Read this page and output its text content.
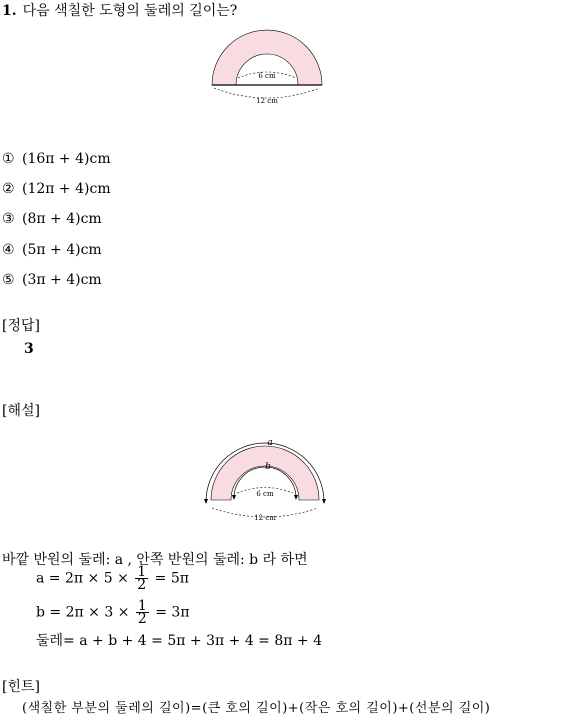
1. 다음 색칠한 도형의 둘레의 길이는?
6 cm
12 cm
① (16π + 4)cm
② (12π + 4)cm
③ (8π + 4)cm
④ (5π + 4)cm
⑤ (3π + 4)cm
[정답]
3
[해설]
a
b
6 cm
12 cm
바깥 반원의 둘레: a , 안쪽 반원의 둘레: b 라 하면
$a = 2\pi \times 5 \times \frac{1}{2} = 5\pi$
$b = 2\pi \times 3 \times \frac{1}{2} = 3\pi$
둘레= a + b + 4 = 5π + 3π + 4 = 8π + 4
[힌트]
(색칠한 부분의 둘레의 길이)=(큰 호의 길이)+(작은 호의 길이)+(선분의 길이)
